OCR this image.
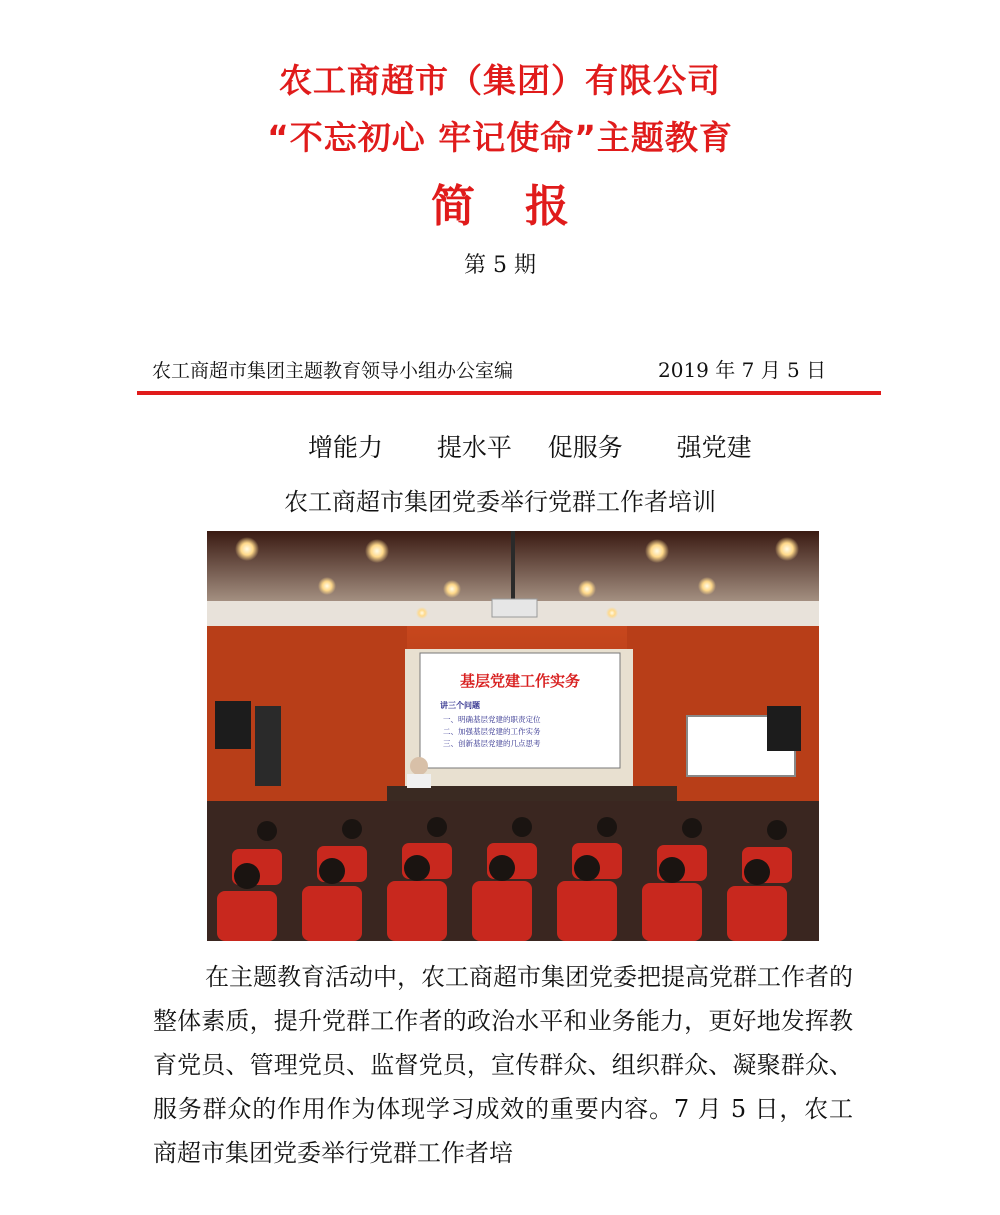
农工商超市（集团）有限公司
“不忘初心 牢记使命”主题教育
简报
第 5 期
农工商超市集团主题教育领导小组办公室编	2019 年 7 月 5 日
增能力   提水平  促服务   强党建
农工商超市集团党委举行党群工作者培训
基层党建工作实务
讲三个问题
一、明确基层党建的职责定位
二、加强基层党建的工作实务
三、创新基层党建的几点思考

在主题教育活动中，农工商超市集团党委把提高党群工作者的整体素质，提升党群工作者的政治水平和业务能力，更好地发挥教育党员、管理党员、监督党员，宣传群众、组织群众、凝聚群众、服务群众的作用作为体现学习成效的重要内容。7 月 5 日，农工商超市集团党委举行党群工作者培
